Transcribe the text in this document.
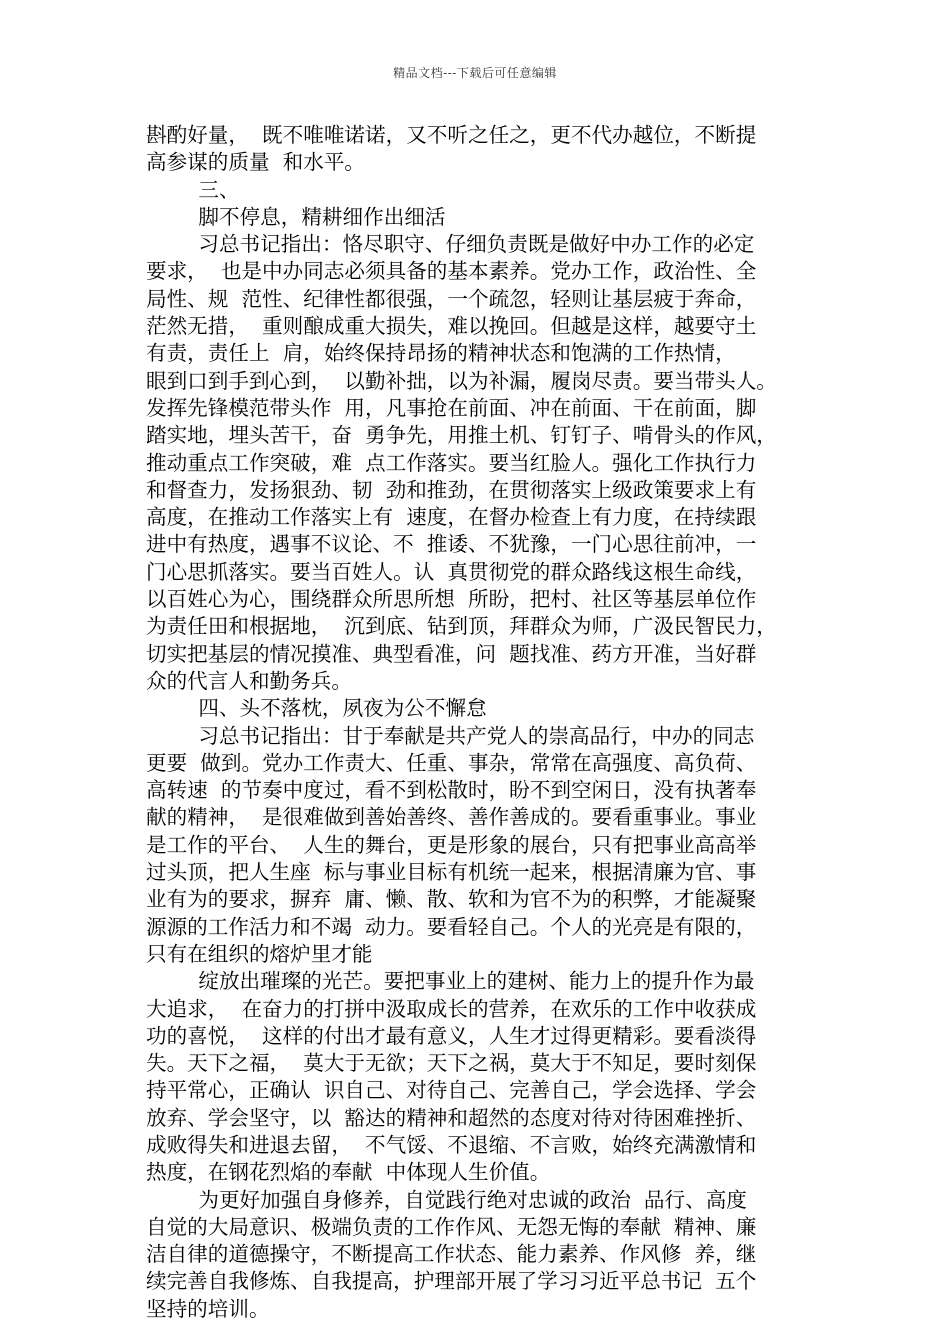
精品文档---下载后可任意编辑
斟酌好量，  既不唯唯诺诺，又不听之任之，更不代办越位，不断提
高参谋的质量  和水平。
三、
脚不停息，精耕细作出细活
习总书记指出：恪尽职守、仔细负责既是做好中办工作的必定
要求，  也是中办同志必须具备的基本素养。党办工作，政治性、全
局性、规  范性、纪律性都很强，一个疏忽，轻则让基层疲于奔命，
茫然无措，  重则酿成重大损失，难以挽回。但越是这样，越要守土
有责，责任上  肩，始终保持昂扬的精神状态和饱满的工作热情，
眼到口到手到心到，  以勤补拙，以为补漏，履岗尽责。要当带头人。
发挥先锋模范带头作  用，凡事抢在前面、冲在前面、干在前面，脚
踏实地，埋头苦干，奋  勇争先，用推土机、钉钉子、啃骨头的作风，
推动重点工作突破，难  点工作落实。要当红脸人。强化工作执行力
和督查力，发扬狠劲、韧  劲和推劲，在贯彻落实上级政策要求上有
高度，在推动工作落实上有  速度，在督办检查上有力度，在持续跟
进中有热度，遇事不议论、不  推诿、不犹豫，一门心思往前冲，一
门心思抓落实。要当百姓人。认  真贯彻党的群众路线这根生命线，
以百姓心为心，围绕群众所思所想  所盼，把村、社区等基层单位作
为责任田和根据地，  沉到底、钻到顶，拜群众为师，广汲民智民力，
切实把基层的情况摸准、典型看准，问  题找准、药方开准，当好群
众的代言人和勤务兵。
四、头不落枕，夙夜为公不懈怠
习总书记指出：甘于奉献是共产党人的崇高品行，中办的同志
更要  做到。党办工作责大、任重、事杂，常常在高强度、高负荷、
高转速  的节奏中度过，看不到松散时，盼不到空闲日，没有执著奉
献的精神，  是很难做到善始善终、善作善成的。要看重事业。事业
是工作的平台、  人生的舞台，更是形象的展台，只有把事业高高举
过头顶，把人生座  标与事业目标有机统一起来，根据清廉为官、事
业有为的要求，摒弃  庸、懒、散、软和为官不为的积弊，才能凝聚
源源的工作活力和不竭  动力。要看轻自己。个人的光亮是有限的，
只有在组织的熔炉里才能
绽放出璀璨的光芒。要把事业上的建树、能力上的提升作为最
大追求，  在奋力的打拼中汲取成长的营养，在欢乐的工作中收获成
功的喜悦，  这样的付出才最有意义，人生才过得更精彩。要看淡得
失。天下之福，  莫大于无欲；天下之祸，莫大于不知足，要时刻保
持平常心，正确认  识自己、对待自己、完善自己，学会选择、学会
放弃、学会坚守，以  豁达的精神和超然的态度对待对待困难挫折、
成败得失和进退去留，  不气馁、不退缩、不言败，始终充满激情和
热度，在钢花烈焰的奉献  中体现人生价值。
为更好加强自身修养，自觉践行绝对忠诚的政治  品行、高度
自觉的大局意识、极端负责的工作作风、无怨无悔的奉献  精神、廉
洁自律的道德操守，不断提高工作状态、能力素养、作风修  养，继
续完善自我修炼、自我提高，护理部开展了学习习近平总书记  五个
坚持的培训。
